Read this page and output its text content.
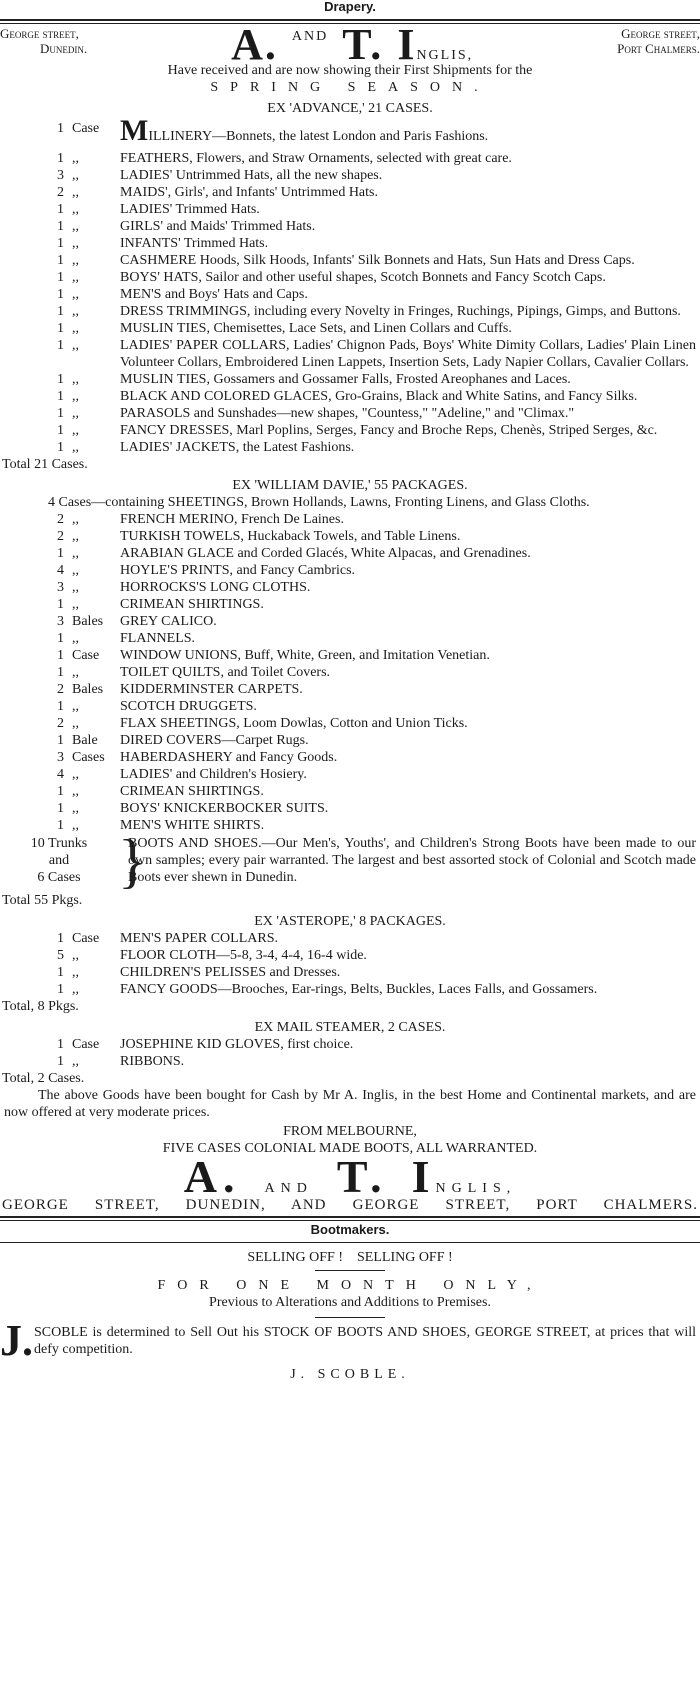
Drapery.
George street,
Dunedin.	A. AND T. INGLIS,
George street,
Port Chalmers.
Have received and are now showing their First Shipments for the
SPRING SEASON.
EX 'ADVANCE,' 21 CASES.
1 Case MILLINERY—Bonnets, the latest London and Paris Fashions.
1 ,,	FEATHERS, Flowers, and Straw Ornaments, selected with great care.
3 ,,	LADIES' Untrimmed Hats, all the new shapes.
2 ,,	MAIDS', Girls', and Infants' Untrimmed Hats.
1 ,,	LADIES' Trimmed Hats.
1 ,,	GIRLS' and Maids' Trimmed Hats.
1 ,,	INFANTS' Trimmed Hats.
1 ,,	CASHMERE Hoods, Silk Hoods, Infants' Silk Bonnets and Hats, Sun Hats and Dress Caps.
1 ,,	BOYS' HATS, Sailor and other useful shapes, Scotch Bonnets and Fancy Scotch Caps.
1 ,,	MEN'S and Boys' Hats and Caps.
1 ,,	DRESS TRIMMINGS, including every Novelty in Fringes, Ruchings, Pipings, Gimps, and Buttons.
1 ,,	MUSLIN TIES, Chemisettes, Lace Sets, and Linen Collars and Cuffs.
1 ,,	LADIES' PAPER COLLARS, Ladies' Chignon Pads, Boys' White Dimity Collars, Ladies' Plain Linen Volunteer Collars, Embroidered Linen Lappets, Insertion Sets, Lady Napier Collars, Cavalier Collars.
1 ,,	MUSLIN TIES, Gossamers and Gossamer Falls, Frosted Areophanes and Laces.
1 ,,	BLACK AND COLORED GLACES, Gro-Grains, Black and White Satins, and Fancy Silks.
1 ,,	PARASOLS and Sunshades—new shapes, "Countess," "Adeline," and "Climax."
1 ,,	FANCY DRESSES, Marl Poplins, Serges, Fancy and Broche Reps, Chenès, Striped Serges, &c.
1 ,,	LADIES' JACKETS, the Latest Fashions.
Total 21 Cases.
EX 'WILLIAM DAVIE,' 55 PACKAGES.
4 Cases—containing SHEETINGS, Brown Hollands, Lawns, Fronting Linens, and Glass Cloths.
2 ,,	FRENCH MERINO, French De Laines.
2 ,,	TURKISH TOWELS, Huckaback Towels, and Table Linens.
1 ,,	ARABIAN GLACE and Corded Glacés, White Alpacas, and Grenadines.
4 ,,	HOYLE'S PRINTS, and Fancy Cambrics.
3 ,,	HORROCKS'S LONG CLOTHS.
1 ,,	CRIMEAN SHIRTINGS.
3 Bales	GREY CALICO.
1 ,,	FLANNELS.
1 Case	WINDOW UNIONS, Buff, White, Green, and Imitation Venetian.
1 ,,	TOILET QUILTS, and Toilet Covers.
2 Bales	KIDDERMINSTER CARPETS.
1 ,,	SCOTCH DRUGGETS.
2 ,,	FLAX SHEETINGS, Loom Dowlas, Cotton and Union Ticks.
1 Bale	DIRED COVERS—Carpet Rugs.
3 Cases	HABERDASHERY and Fancy Goods.
4 ,,	LADIES' and Children's Hosiery.
1 ,,	CRIMEAN SHIRTINGS.
1 ,,	BOYS' KNICKERBOCKER SUITS.
1 ,,	MEN'S WHITE SHIRTS.
10 Trunks
and
6 Cases }
BOOTS AND SHOES.—Our Men's, Youths', and Children's Strong Boots have been made to our own samples; every pair warranted. The largest and best assorted stock of Colonial and Scotch made Boots ever shewn in Dunedin.
Total 55 Pkgs.
EX 'ASTEROPE,' 8 PACKAGES.
1 Case	MEN'S PAPER COLLARS.
5 ,,	FLOOR CLOTH—5-8, 3-4, 4-4, 16-4 wide.
1 ,,	CHILDREN'S PELISSES and Dresses.
1 ,,	FANCY GOODS—Brooches, Ear-rings, Belts, Buckles, Laces Falls, and Gossamers.
Total, 8 Pkgs.
EX MAIL STEAMER, 2 CASES.
1 Case	JOSEPHINE KID GLOVES, first choice.
1 ,,	RIBBONS.
Total, 2 Cases.
The above Goods have been bought for Cash by Mr A. Inglis, in the best Home and Continental markets, and are now offered at very moderate prices.
FROM MELBOURNE,
FIVE CASES COLONIAL MADE BOOTS, ALL WARRANTED.
A. AND T. INGLIS,
GEORGE STREET, DUNEDIN, AND GEORGE STREET, PORT CHALMERS.
Bootmakers.
SELLING OFF !    SELLING OFF !
FOR ONE MONTH ONLY,
Previous to Alterations and Additions to Premises.
J. SCOBLE is determined to Sell Out his STOCK OF BOOTS AND SHOES, GEORGE STREET, at prices that will defy competition.
J. SCOBLE.
